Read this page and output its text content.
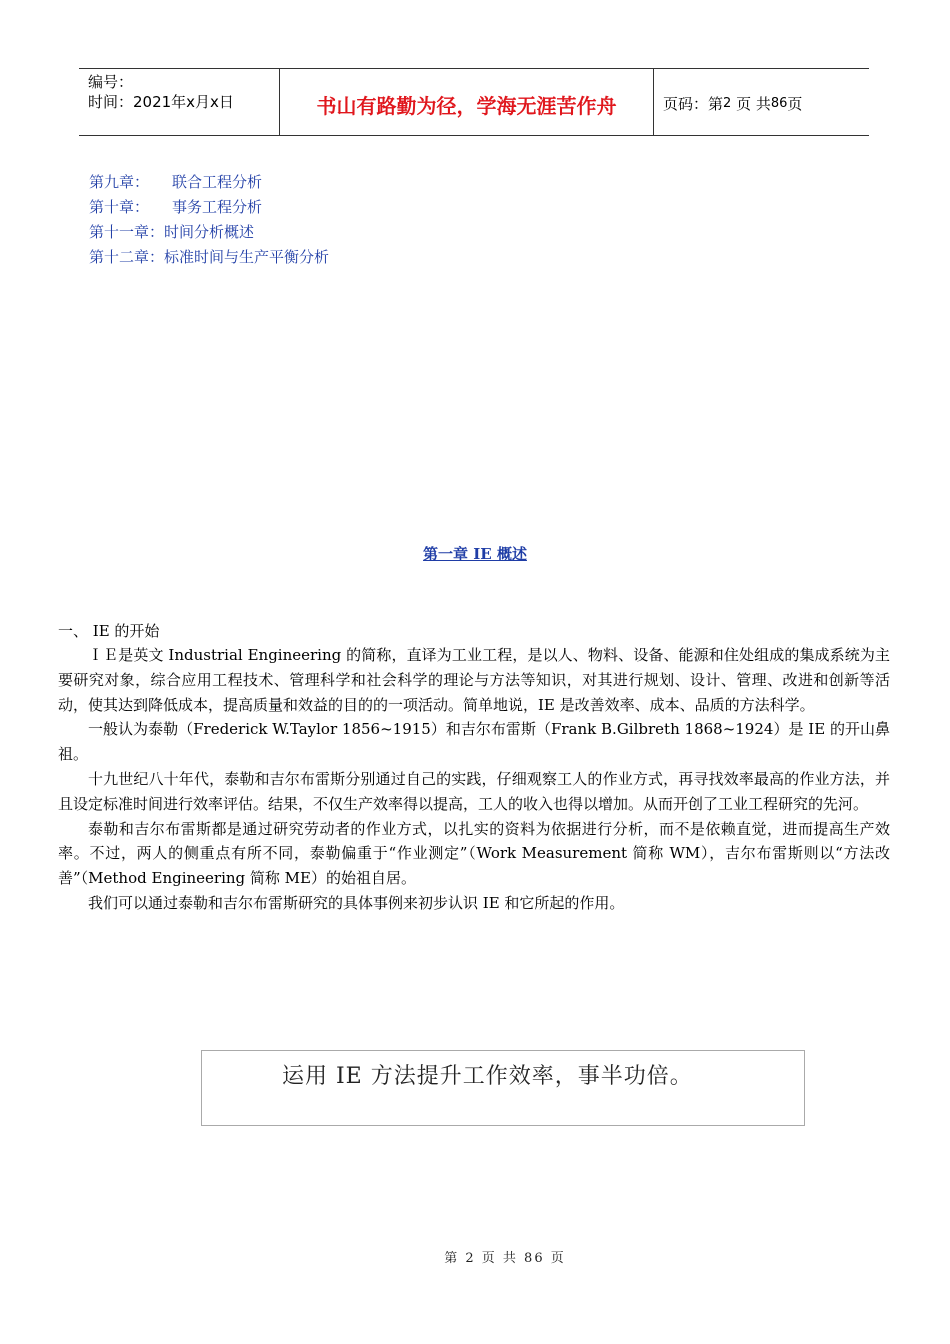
编号：
时间：2021年x月x日	书山有路勤为径，学海无涯苦作舟	页码：第 2
页 共 86 页
第九章： 联合工程分析
第十章： 事务工程分析
第十一章：时间分析概述
第十二章：标准时间与生产平衡分析
第一章 IE 概述
一、 IE 的开始

ＩＥ是英文 Industrial Engineering 的简称，直译为工业工程，是以人、物料、设备、能源和住处组成的集成系统为主要研究对象，综合应用工程技术、管理科学和社会科学的理论与方法等知识，对其进行规划、设计、管理、改进和创新等活动，使其达到降低成本，提高质量和效益的目的的一项活动。简单地说，IE 是改善效率、成本、品质的方法科学。

一般认为泰勒（Frederick W.Taylor 1856~1915）和吉尔布雷斯（Frank B.Gilbreth 1868~1924）是 IE 的开山鼻祖。

十九世纪八十年代，泰勒和吉尔布雷斯分别通过自己的实践，仔细观察工人的作业方式，再寻找效率最高的作业方法，并且设定标准时间进行效率评估。结果，不仅生产效率得以提高，工人的收入也得以增加。从而开创了工业工程研究的先河。

泰勒和吉尔布雷斯都是通过研究劳动者的作业方式，以扎实的资料为依据进行分析，而不是依赖直觉，进而提高生产效率。不过，两人的侧重点有所不同，泰勒偏重于“作业测定”（Work Measurement 简称 WM），吉尔布雷斯则以“方法改善”（Method Engineering 简称 ME）的始祖自居。

我们可以通过泰勒和吉尔布雷斯研究的具体事例来初步认识 IE 和它所起的作用。

运用 IE 方法提升工作效率，事半功倍。
第 2 页 共 86 页
